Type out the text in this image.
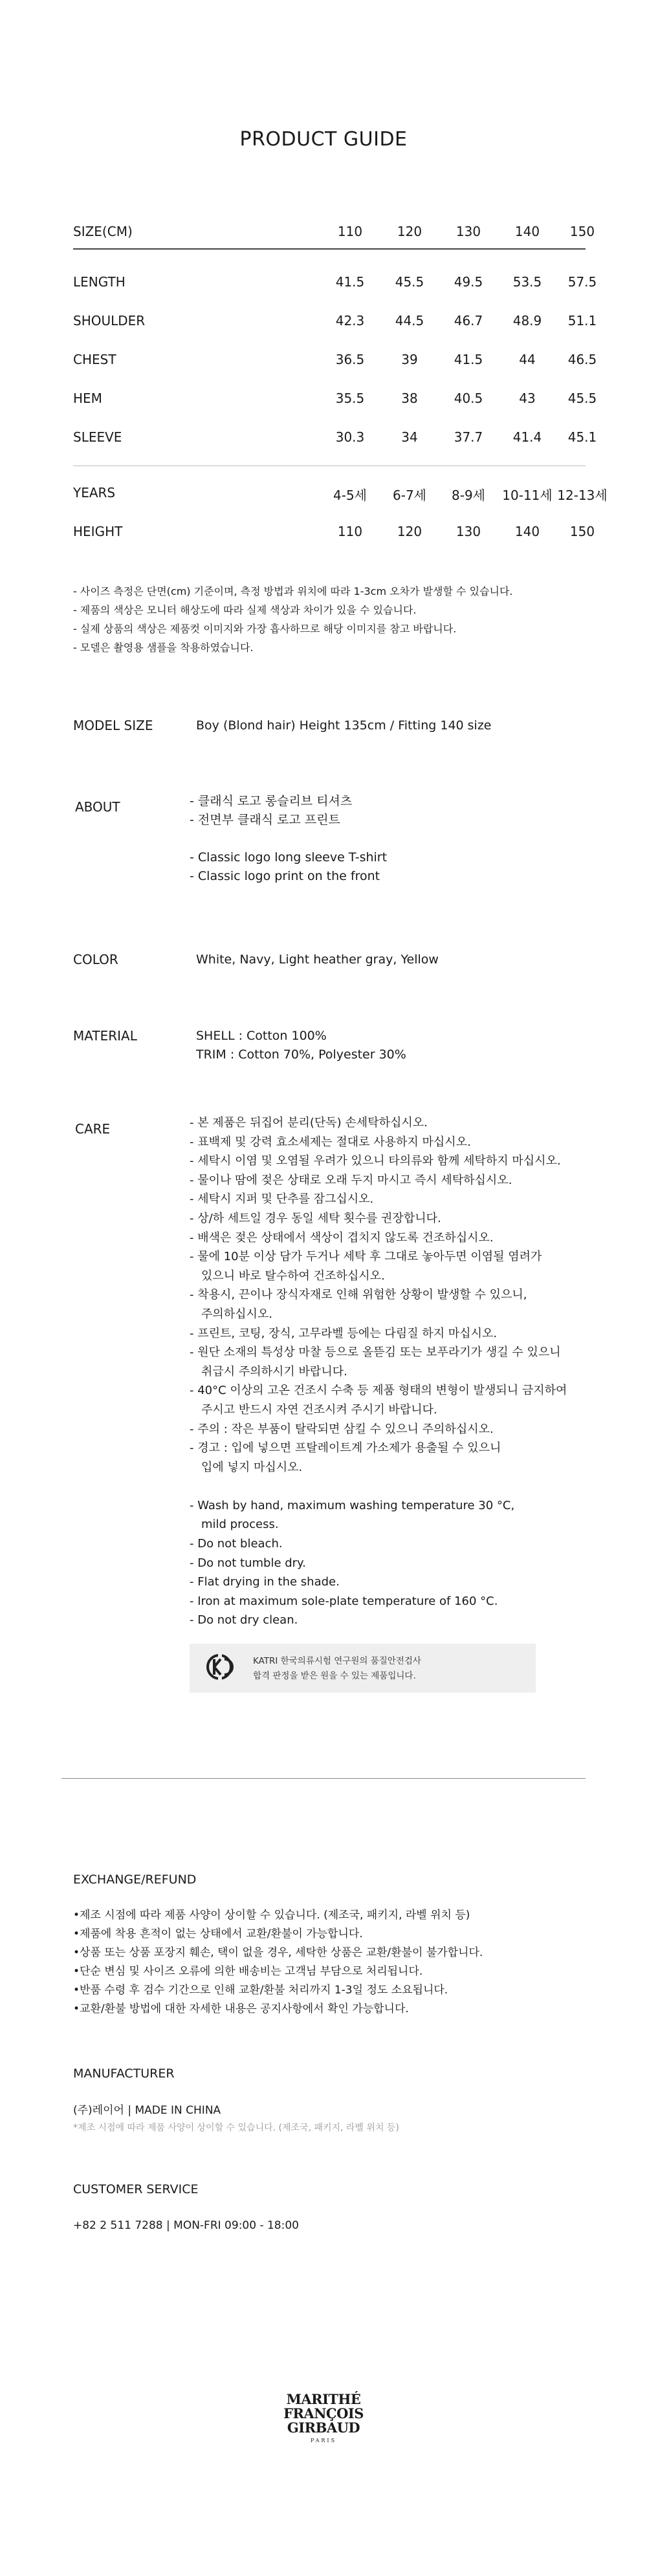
PRODUCT GUIDE
SIZE(CM)	110	120	130	140	150
LENGTH	41.5	45.5	49.5	53.5	57.5
SHOULDER	42.3	44.5	46.7	48.9	51.1
CHEST	36.5	39	41.5	44	46.5
HEM	35.5	38	40.5	43	45.5
SLEEVE	30.3	34	37.7	41.4	45.1
YEARS	4-5세	6-7세	8-9세	10-11세 12-13세
HEIGHT	110	120	130	140	150
- 사이즈 측정은 단면(cm) 기준이며, 측정 방법과 위치에 따라 1-3cm 오차가 발생할 수 있습니다.
- 제품의 색상은 모니터 해상도에 따라 실제 색상과 차이가 있을 수 있습니다.
- 실제 상품의 색상은 제품컷 이미지와 가장 흡사하므로 해당 이미지를 참고 바랍니다.
- 모델은 촬영용 샘플을 착용하였습니다.
MODEL SIZE	Boy (Blond hair) Height 135cm / Fitting 140 size
ABOUT	- 클래식 로고 롱슬리브 티셔츠
- 전면부 클래식 로고 프린트
- Classic logo long sleeve T-shirt
- Classic logo print on the front
COLOR	White, Navy, Light heather gray, Yellow
MATERIAL	SHELL : Cotton 100%
TRIM : Cotton 70%, Polyester 30%
CARE	- 본 제품은 뒤집어 분리(단독) 손세탁하십시오.
- 표백제 및 강력 효소세제는 절대로 사용하지 마십시오.
- 세탁시 이염 및 오염될 우려가 있으니 타의류와 함께 세탁하지 마십시오.
- 물이나 땀에 젖은 상태로 오래 두지 마시고 즉시 세탁하십시오.
- 세탁시 지퍼 및 단추를 잠그십시오.
- 상/하 세트일 경우 동일 세탁 횟수를 권장합니다.
- 배색은 젖은 상태에서 색상이 겹치지 않도록 건조하십시오.
- 물에 10분 이상 담가 두거나 세탁 후 그대로 놓아두면 이염될 염려가
있으니 바로 탈수하여 건조하십시오.
- 착용시, 끈이나 장식자재로 인해 위험한 상황이 발생할 수 있으니,
주의하십시오.
- 프린트, 코팅, 장식, 고무라벨 등에는 다림질 하지 마십시오.
- 원단 소재의 특성상 마찰 등으로 올뜯김 또는 보푸라기가 생길 수 있으니
취급시 주의하시기 바랍니다.
- 40°C 이상의 고온 건조시 수축 등 제품 형태의 변형이 발생되니 금지하여
주시고 반드시 자연 건조시켜 주시기 바랍니다.
- 주의 : 작은 부품이 탈락되면 삼킬 수 있으니 주의하십시오.
- 경고 : 입에 넣으면 프탈레이트계 가소제가 용출될 수 있으니
입에 넣지 마십시오.
- Wash by hand, maximum washing temperature 30 °C,
mild process.
- Do not bleach.
- Do not tumble dry.
- Flat drying in the shade.
- Iron at maximum sole-plate temperature of 160 °C.
- Do not dry clean.
KATRI 한국의류시험 연구원의 품질안전검사
합격 판정을 받은 원을 수 있는 제품입니다.
EXCHANGE/REFUND
•제조 시점에 따라 제품 사양이 상이할 수 있습니다. (제조국, 패키지, 라벨 위치 등)
•제품에 착용 흔적이 없는 상태에서 교환/환불이 가능합니다.
•상품 또는 상품 포장지 훼손, 택이 없을 경우, 세탁한 상품은 교환/환불이 불가합니다.
•단순 변심 및 사이즈 오류에 의한 배송비는 고객님 부담으로 처리됩니다.
•반품 수령 후 검수 기간으로 인해 교환/환불 처리까지 1-3일 정도 소요됩니다.
•교환/환불 방법에 대한 자세한 내용은 공지사항에서 확인 가능합니다.
MANUFACTURER
(주)레이어 | MADE IN CHINA
*제조 시점에 따라 제품 사양이 상이할 수 있습니다. (제조국, 패키지, 라벨 위치 등)
CUSTOMER SERVICE
+82 2 511 7288 | MON-FRI 09:00 - 18:00
MARITHÉ
FRANÇOIS
GIRBAUD
PARIS
